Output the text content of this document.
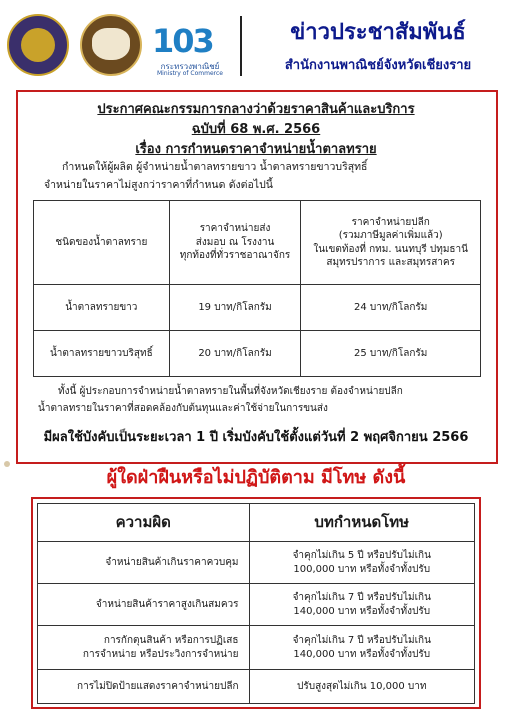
103
กระทรวงพาณิชย์
Ministry of Commerce
ข่าวประชาสัมพันธ์
สำนักงานพาณิชย์จังหวัดเชียงราย
ประกาศคณะกรรมการกลางว่าด้วยราคาสินค้าและบริการ
ฉบับที่ 68 พ.ศ. 2566
เรื่อง การกำหนดราคาจำหน่ายน้ำตาลทราย
กำหนดให้ผู้ผลิต ผู้จำหน่ายน้ำตาลทรายขาว น้ำตาลทรายขาวบริสุทธิ์
จำหน่ายในราคาไม่สูงกว่าราคาที่กำหนด ดังต่อไปนี้
ชนิดของน้ำตาลทราย	ราคาจำหน่ายส่ง
ส่งมอบ ณ โรงงาน
ทุกท้องที่ทั่วราชอาณาจักร	ราคาจำหน่ายปลีก
(รวมภาษีมูลค่าเพิ่มแล้ว)
ในเขตท้องที่ กทม. นนทบุรี ปทุมธานี
สมุทรปราการ และสมุทรสาคร

น้ำตาลทรายขาว	19 บาท/กิโลกรัม	24 บาท/กิโลกรัม
น้ำตาลทรายขาวบริสุทธิ์	20 บาท/กิโลกรัม	25 บาท/กิโลกรัม
ทั้งนี้ ผู้ประกอบการจำหน่ายน้ำตาลทรายในพื้นที่จังหวัดเชียงราย ต้องจำหน่ายปลีก
น้ำตาลทรายในราคาที่สอดคล้องกับต้นทุนและค่าใช้จ่ายในการขนส่ง
มีผลใช้บังคับเป็นระยะเวลา 1 ปี เริ่มบังคับใช้ตั้งแต่วันที่ 2 พฤศจิกายน 2566
ผู้ใดฝ่าฝืนหรือไม่ปฏิบัติตาม มีโทษ ดังนี้
ความผิด	บทกำหนดโทษ

จำหน่ายสินค้าเกินราคาควบคุม	จำคุกไม่เกิน 5 ปี หรือปรับไม่เกิน
100,000 บาท หรือทั้งจำทั้งปรับ

จำหน่ายสินค้าราคาสูงเกินสมควร	จำคุกไม่เกิน 7 ปี หรือปรับไม่เกิน
140,000 บาท หรือทั้งจำทั้งปรับ

การกักตุนสินค้า หรือการปฏิเสธ
การจำหน่าย หรือประวิงการจำหน่าย	จำคุกไม่เกิน 7 ปี หรือปรับไม่เกิน
140,000 บาท หรือทั้งจำทั้งปรับ

การไม่ปิดป้ายแสดงราคาจำหน่ายปลีก	ปรับสูงสุดไม่เกิน 10,000 บาท
